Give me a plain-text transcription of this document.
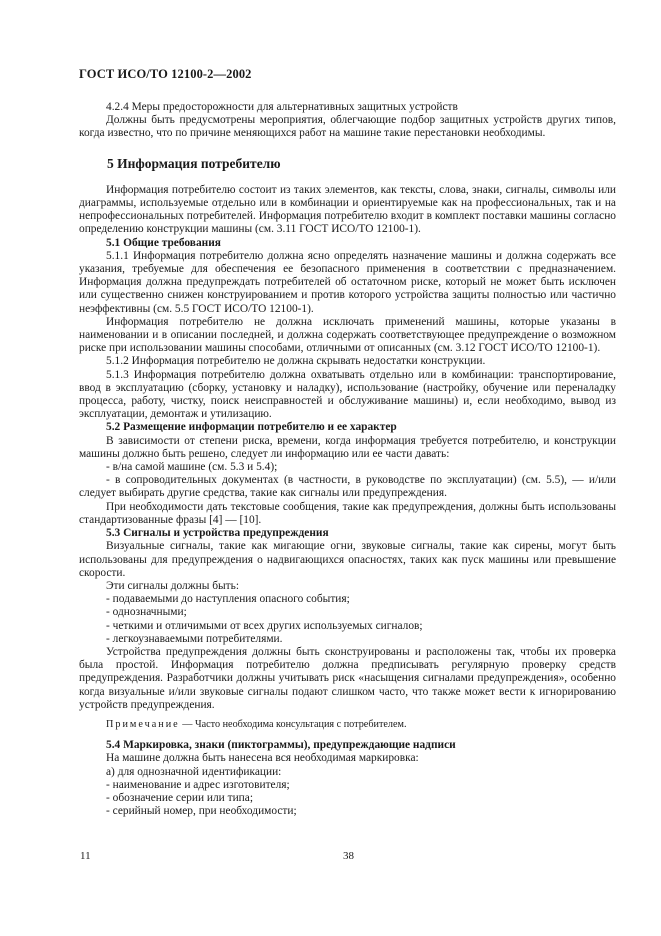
ГОСТ ИСО/ТО 12100-2—2002

4.2.4 Меры предосторожности для альтернативных защитных устройств

Должны быть предусмотрены мероприятия, облегчающие подбор защитных устройств других типов, когда известно, что по причине меняющихся работ на машине такие перестановки необходимы.

5 Информация потребителю

Информация потребителю состоит из таких элементов, как тексты, слова, знаки, сигналы, символы или диаграммы, используемые отдельно или в комбинации и ориентируемые как на профессиональных, так и на непрофессиональных потребителей. Информация потребителю входит в комплект поставки машины согласно определению конструкции машины (см. 3.11 ГОСТ ИСО/ТО 12100-1).

5.1 Общие требования

5.1.1 Информация потребителю должна ясно определять назначение машины и должна содержать все указания, требуемые для обеспечения ее безопасного применения в соответствии с предназначением. Информация должна предупреждать потребителей об остаточном риске, который не может быть исключен или существенно снижен конструированием и против которого устройства защиты полностью или частично неэффективны (см. 5.5 ГОСТ ИСО/ТО 12100-1).

Информация потребителю не должна исключать применений машины, которые указаны в наименовании и в описании последней, и должна содержать соответствующее предупреждение о возможном риске при использовании машины способами, отличными от описанных (см. 3.12 ГОСТ ИСО/ТО 12100-1).

5.1.2 Информация потребителю не должна скрывать недостатки конструкции.

5.1.3 Информация потребителю должна охватывать отдельно или в комбинации: транспортирование, ввод в эксплуатацию (сборку, установку и наладку), использование (настройку, обучение или переналадку процесса, работу, чистку, поиск неисправностей и обслуживание машины) и, если необходимо, вывод из эксплуатации, демонтаж и утилизацию.

5.2 Размещение информации потребителю и ее характер

В зависимости от степени риска, времени, когда информация требуется потребителю, и конструкции машины должно быть решено, следует ли информацию или ее части давать:

- в/на самой машине (см. 5.3 и 5.4);

- в сопроводительных документах (в частности, в руководстве по эксплуатации) (см. 5.5), — и/или следует выбирать другие средства, такие как сигналы или предупреждения.

При необходимости дать текстовые сообщения, такие как предупреждения, должны быть использованы стандартизованные фразы [4] — [10].

5.3 Сигналы и устройства предупреждения

Визуальные сигналы, такие как мигающие огни, звуковые сигналы, такие как сирены, могут быть использованы для предупреждения о надвигающихся опасностях, таких как пуск машины или превышение скорости.

Эти сигналы должны быть:

- подаваемыми до наступления опасного события;

- однозначными;

- четкими и отличимыми от всех других используемых сигналов;

- легкоузнаваемыми потребителями.

Устройства предупреждения должны быть сконструированы и расположены так, чтобы их проверка была простой. Информация потребителю должна предписывать регулярную проверку средств предупреждения. Разработчики должны учитывать риск «насыщения сигналами предупреждения», особенно когда визуальные и/или звуковые сигналы подают слишком часто, что также может вести к игнорированию устройств предупреждения.

Примечание — Часто необходима консультация с потребителем.

5.4 Маркировка, знаки (пиктограммы), предупреждающие надписи

На машине должна быть нанесена вся необходимая маркировка:

а) для однозначной идентификации:

- наименование и адрес изготовителя;

- обозначение серии или типа;

- серийный номер, при необходимости;

11	38
